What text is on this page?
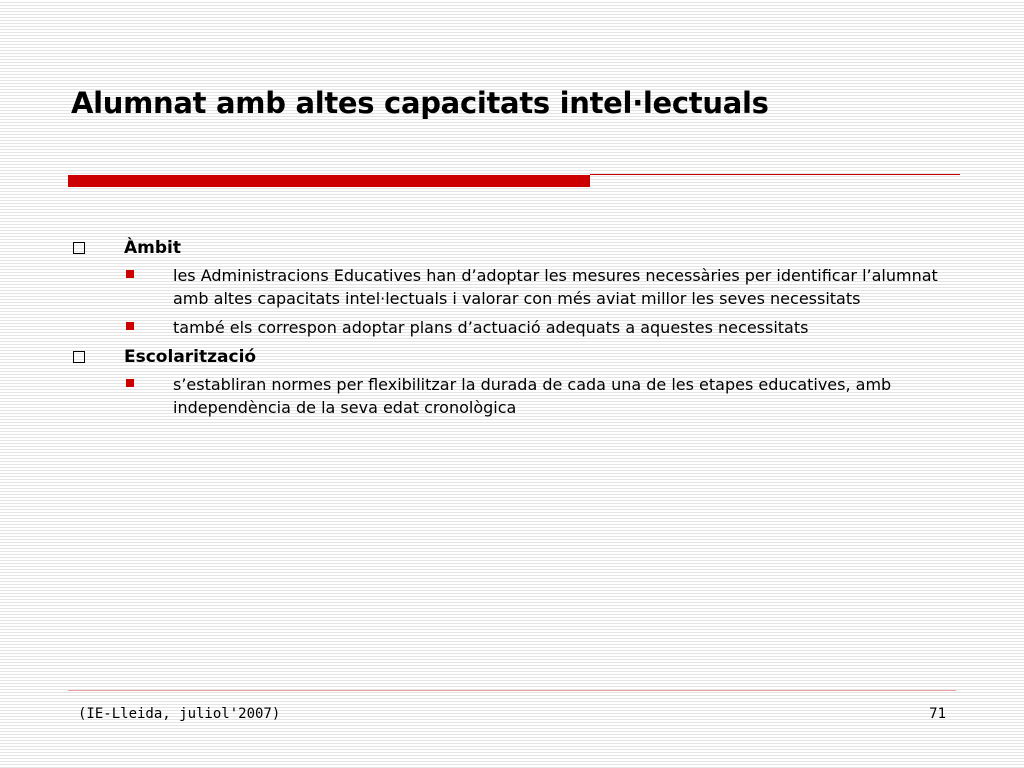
Alumnat amb altes capacitats intel·lectuals
Àmbit
les Administracions Educatives han d’adoptar les mesures necessàries per identificar l’alumnat amb altes capacitats intel·lectuals i valorar con més aviat millor les seves necessitats
també els correspon adoptar plans d’actuació adequats a aquestes necessitats
Escolarització
s’establiran normes per flexibilitzar la durada de cada una de les etapes educatives, amb independència de la seva edat cronològica
(IE-Lleida, juliol'2007)	71
